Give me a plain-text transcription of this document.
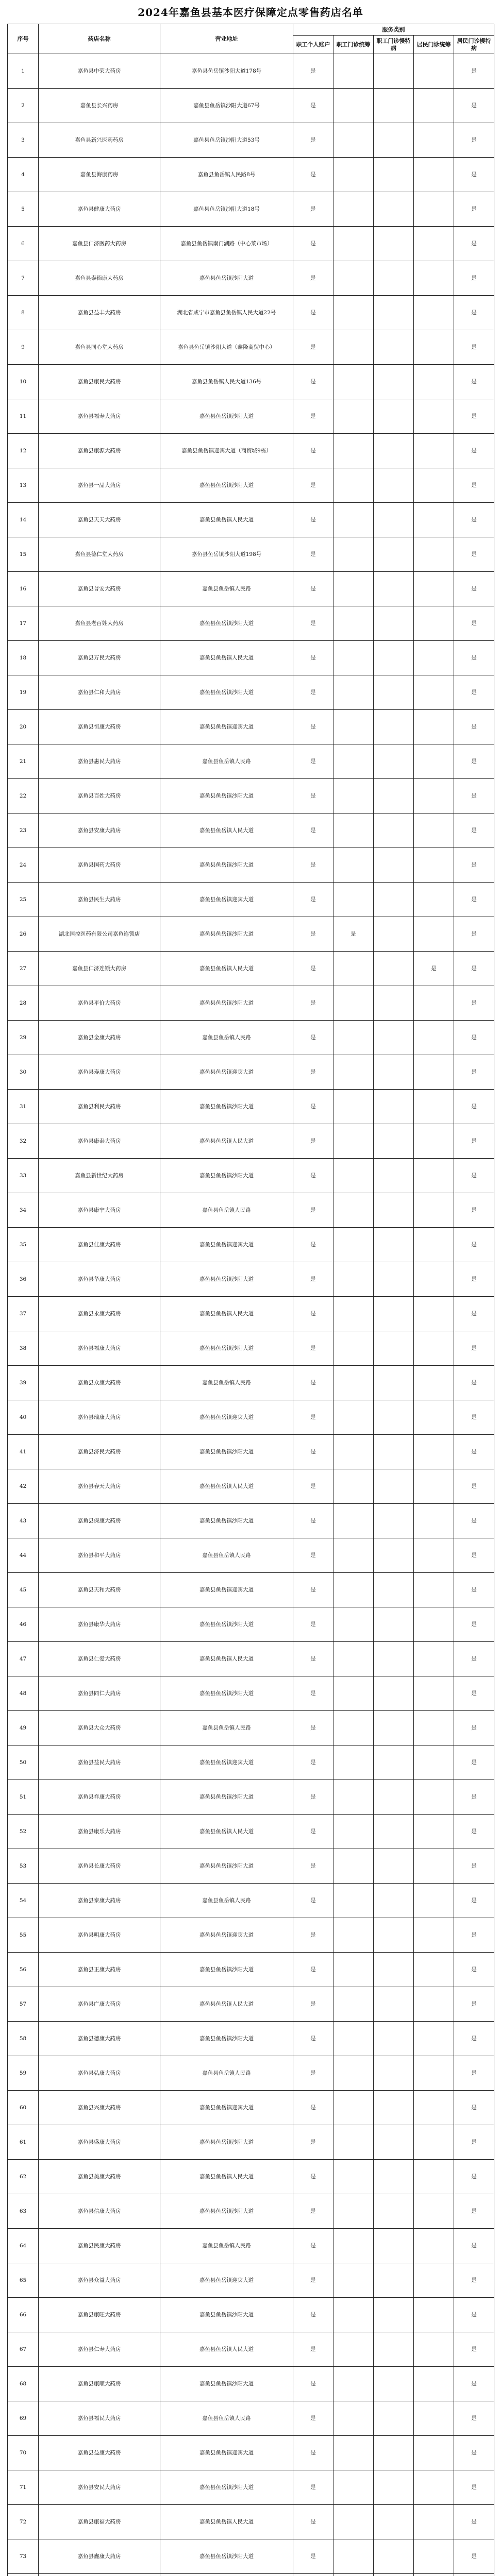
2024年嘉鱼县基本医疗保障定点零售药店名单
序号	药店名称	营业地址	服务类别				
			职工个人账户	职工门诊统筹	职工门诊慢特病	居民门诊统筹	居民门诊慢特病
1	嘉鱼县中荣大药房	嘉鱼县鱼岳镇沙阳大道178号	是				是
2	嘉鱼县长兴药房	嘉鱼县鱼岳镇沙阳大道67号	是				是
3	嘉鱼县新兴医药药房	嘉鱼县鱼岳镇沙阳大道53号	是				是
4	嘉鱼县海康药房	嘉鱼县鱼岳镇人民路8号	是				是
5	嘉鱼县健康大药房	嘉鱼县鱼岳镇沙阳大道18号	是				是
6	嘉鱼县仁济医药大药房	嘉鱼县鱼岳镇南门湖路（中心菜市场）	是				是
7	嘉鱼县泰德康大药房	嘉鱼县鱼岳镇沙阳大道	是				是
8	嘉鱼县益丰大药房	湖北省咸宁市嘉鱼县鱼岳镇人民大道22号	是				是
9	嘉鱼县同心堂大药房	嘉鱼县鱼岳镇沙阳大道（鑫隆商贸中心）	是				是
10	嘉鱼县康民大药房	嘉鱼县鱼岳镇人民大道136号	是				是
11	嘉鱼县福寿大药房	嘉鱼县鱼岳镇沙阳大道	是				是
12	嘉鱼县康源大药房	嘉鱼县鱼岳镇迎宾大道（商贸城9栋）	是				是
13	嘉鱼县一品大药房	嘉鱼县鱼岳镇沙阳大道	是				是
14	嘉鱼县天天大药房	嘉鱼县鱼岳镇人民大道	是				是
15	嘉鱼县德仁堂大药房	嘉鱼县鱼岳镇沙阳大道198号	是				是
16	嘉鱼县普安大药房	嘉鱼县鱼岳镇人民路	是				是
17	嘉鱼县老百姓大药房	嘉鱼县鱼岳镇沙阳大道	是				是
18	嘉鱼县万民大药房	嘉鱼县鱼岳镇人民大道	是				是
19	嘉鱼县仁和大药房	嘉鱼县鱼岳镇沙阳大道	是				是
20	嘉鱼县恒康大药房	嘉鱼县鱼岳镇迎宾大道	是				是
21	嘉鱼县惠民大药房	嘉鱼县鱼岳镇人民路	是				是
22	嘉鱼县百姓大药房	嘉鱼县鱼岳镇沙阳大道	是				是
23	嘉鱼县安康大药房	嘉鱼县鱼岳镇人民大道	是				是
24	嘉鱼县国药大药房	嘉鱼县鱼岳镇沙阳大道	是				是
25	嘉鱼县民生大药房	嘉鱼县鱼岳镇迎宾大道	是				是
26	湖北国控医药有限公司嘉鱼连锁店	嘉鱼县鱼岳镇沙阳大道	是	是			是
27	嘉鱼县仁济连锁大药房	嘉鱼县鱼岳镇人民大道	是			是	是
28	嘉鱼县平价大药房	嘉鱼县鱼岳镇沙阳大道	是				是
29	嘉鱼县金康大药房	嘉鱼县鱼岳镇人民路	是				是
30	嘉鱼县寿康大药房	嘉鱼县鱼岳镇迎宾大道	是				是
31	嘉鱼县利民大药房	嘉鱼县鱼岳镇沙阳大道	是				是
32	嘉鱼县康泰大药房	嘉鱼县鱼岳镇人民大道	是				是
33	嘉鱼县新世纪大药房	嘉鱼县鱼岳镇沙阳大道	是				是
34	嘉鱼县康宁大药房	嘉鱼县鱼岳镇人民路	是				是
35	嘉鱼县佳康大药房	嘉鱼县鱼岳镇迎宾大道	是				是
36	嘉鱼县华康大药房	嘉鱼县鱼岳镇沙阳大道	是				是
37	嘉鱼县永康大药房	嘉鱼县鱼岳镇人民大道	是				是
38	嘉鱼县福康大药房	嘉鱼县鱼岳镇沙阳大道	是				是
39	嘉鱼县众康大药房	嘉鱼县鱼岳镇人民路	是				是
40	嘉鱼县瑞康大药房	嘉鱼县鱼岳镇迎宾大道	是				是
41	嘉鱼县济民大药房	嘉鱼县鱼岳镇沙阳大道	是				是
42	嘉鱼县春天大药房	嘉鱼县鱼岳镇人民大道	是				是
43	嘉鱼县保康大药房	嘉鱼县鱼岳镇沙阳大道	是				是
44	嘉鱼县和平大药房	嘉鱼县鱼岳镇人民路	是				是
45	嘉鱼县天和大药房	嘉鱼县鱼岳镇迎宾大道	是				是
46	嘉鱼县康华大药房	嘉鱼县鱼岳镇沙阳大道	是				是
47	嘉鱼县仁爱大药房	嘉鱼县鱼岳镇人民大道	是				是
48	嘉鱼县同仁大药房	嘉鱼县鱼岳镇沙阳大道	是				是
49	嘉鱼县大众大药房	嘉鱼县鱼岳镇人民路	是				是
50	嘉鱼县益民大药房	嘉鱼县鱼岳镇迎宾大道	是				是
51	嘉鱼县祥康大药房	嘉鱼县鱼岳镇沙阳大道	是				是
52	嘉鱼县康乐大药房	嘉鱼县鱼岳镇人民大道	是				是
53	嘉鱼县长康大药房	嘉鱼县鱼岳镇沙阳大道	是				是
54	嘉鱼县泰康大药房	嘉鱼县鱼岳镇人民路	是				是
55	嘉鱼县明康大药房	嘉鱼县鱼岳镇迎宾大道	是				是
56	嘉鱼县正康大药房	嘉鱼县鱼岳镇沙阳大道	是				是
57	嘉鱼县广康大药房	嘉鱼县鱼岳镇人民大道	是				是
58	嘉鱼县德康大药房	嘉鱼县鱼岳镇沙阳大道	是				是
59	嘉鱼县弘康大药房	嘉鱼县鱼岳镇人民路	是				是
60	嘉鱼县兴康大药房	嘉鱼县鱼岳镇迎宾大道	是				是
61	嘉鱼县盛康大药房	嘉鱼县鱼岳镇沙阳大道	是				是
62	嘉鱼县美康大药房	嘉鱼县鱼岳镇人民大道	是				是
63	嘉鱼县信康大药房	嘉鱼县鱼岳镇沙阳大道	是				是
64	嘉鱼县民康大药房	嘉鱼县鱼岳镇人民路	是				是
65	嘉鱼县众益大药房	嘉鱼县鱼岳镇迎宾大道	是				是
66	嘉鱼县康旺大药房	嘉鱼县鱼岳镇沙阳大道	是				是
67	嘉鱼县仁寿大药房	嘉鱼县鱼岳镇人民大道	是				是
68	嘉鱼县康顺大药房	嘉鱼县鱼岳镇沙阳大道	是				是
69	嘉鱼县福民大药房	嘉鱼县鱼岳镇人民路	是				是
70	嘉鱼县益康大药房	嘉鱼县鱼岳镇迎宾大道	是				是
71	嘉鱼县安民大药房	嘉鱼县鱼岳镇沙阳大道	是				是
72	嘉鱼县康福大药房	嘉鱼县鱼岳镇人民大道	是				是
73	嘉鱼县鑫康大药房	嘉鱼县鱼岳镇沙阳大道	是				是
